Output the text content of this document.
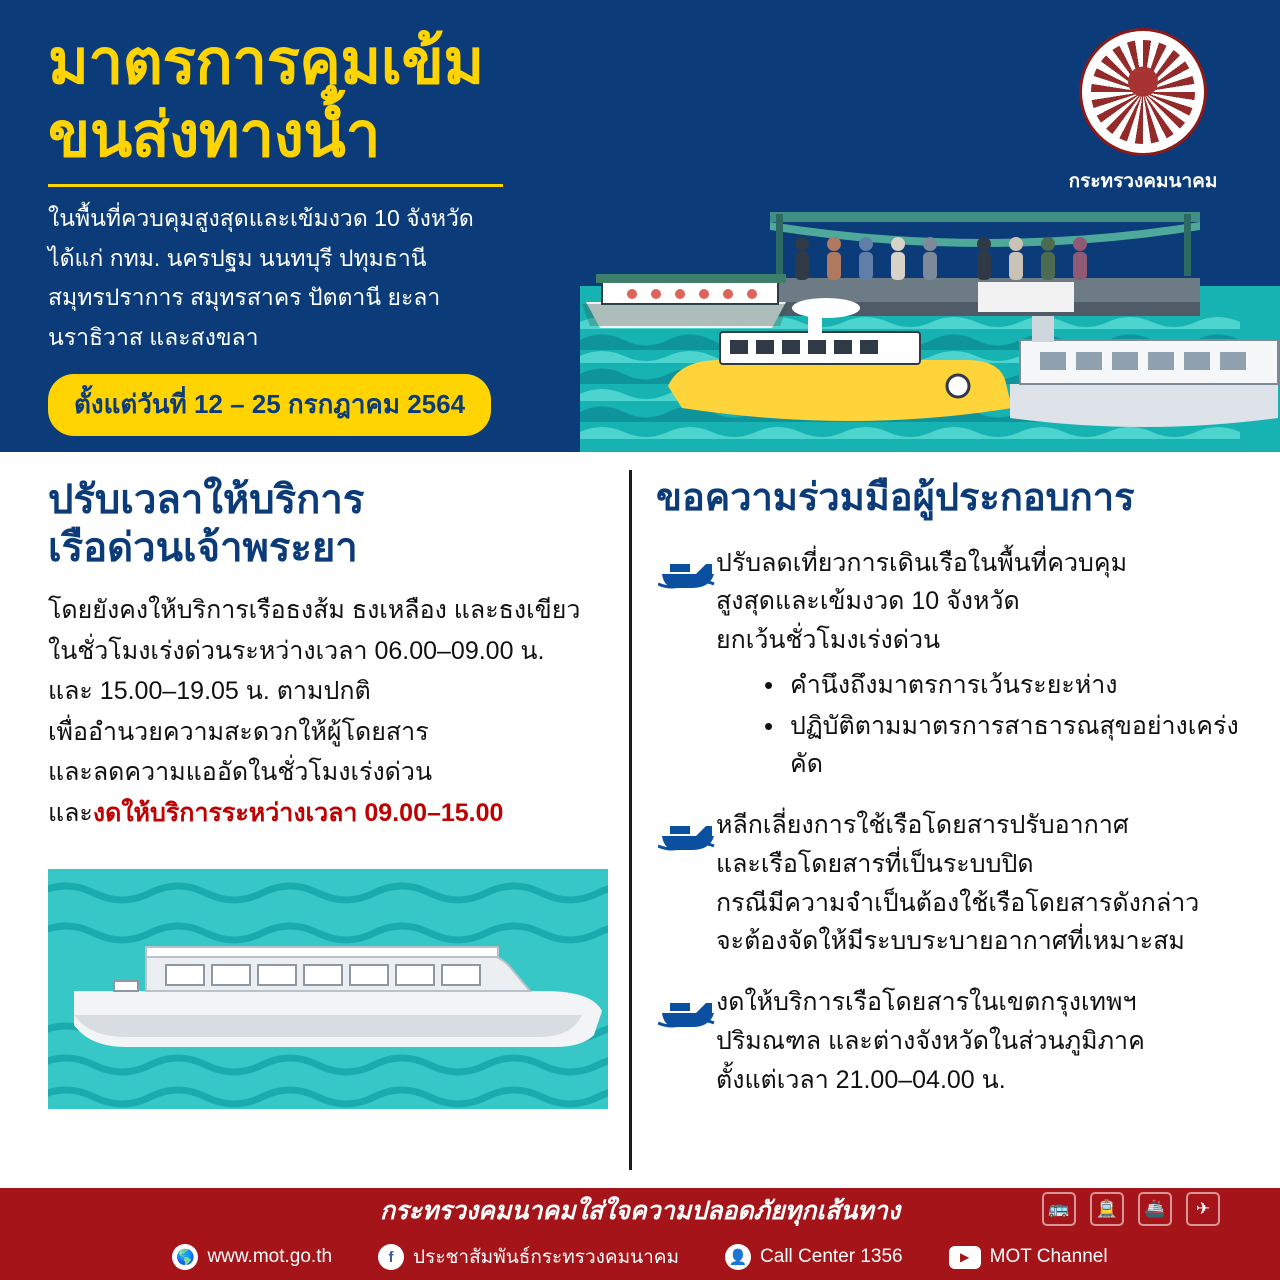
มาตรการคุมเข้ม
ขนส่งทางน้ำ
ในพื้นที่ควบคุมสูงสุดและเข้มงวด 10 จังหวัด
ได้แก่ กทม. นครปฐม นนทบุรี ปทุมธานี
สมุทรปราการ สมุทรสาคร ปัตตานี ยะลา
นราธิวาส และสงขลา
ตั้งแต่วันที่ 12 – 25 กรกฎาคม 2564
กระทรวงคมนาคม
ปรับเวลาให้บริการ
เรือด่วนเจ้าพระยา
โดยยังคงให้บริการเรือธงส้ม ธงเหลือง และธงเขียว
ในชั่วโมงเร่งด่วนระหว่างเวลา 06.00–09.00 น.
และ 15.00–19.05 น. ตามปกติ
เพื่ออำนวยความสะดวกให้ผู้โดยสาร
และลดความแออัดในชั่วโมงเร่งด่วน
และงดให้บริการระหว่างเวลา 09.00–15.00
ขอความร่วมมือผู้ประกอบการ
ปรับลดเที่ยวการเดินเรือในพื้นที่ควบคุม
สูงสุดและเข้มงวด 10 จังหวัด
ยกเว้นชั่วโมงเร่งด่วน
• คำนึงถึงมาตรการเว้นระยะห่าง
• ปฏิบัติตามมาตรการสาธารณสุขอย่างเคร่งคัด
หลีกเลี่ยงการใช้เรือโดยสารปรับอากาศ
และเรือโดยสารที่เป็นระบบปิด
กรณีมีความจำเป็นต้องใช้เรือโดยสารดังกล่าว
จะต้องจัดให้มีระบบระบายอากาศที่เหมาะสม
งดให้บริการเรือโดยสารในเขตกรุงเทพฯ
ปริมณฑล และต่างจังหวัดในส่วนภูมิภาค
ตั้งแต่เวลา 21.00–04.00 น.
กระทรวงคมนาคมใส่ใจความปลอดภัยทุกเส้นทาง	🚌	🚊	🚢	✈
🌎 www.mot.go.th	f	ประชาสัมพันธ์กระทรวงคมนาคม	👤 Call Center 1356	▶	MOT Channel
